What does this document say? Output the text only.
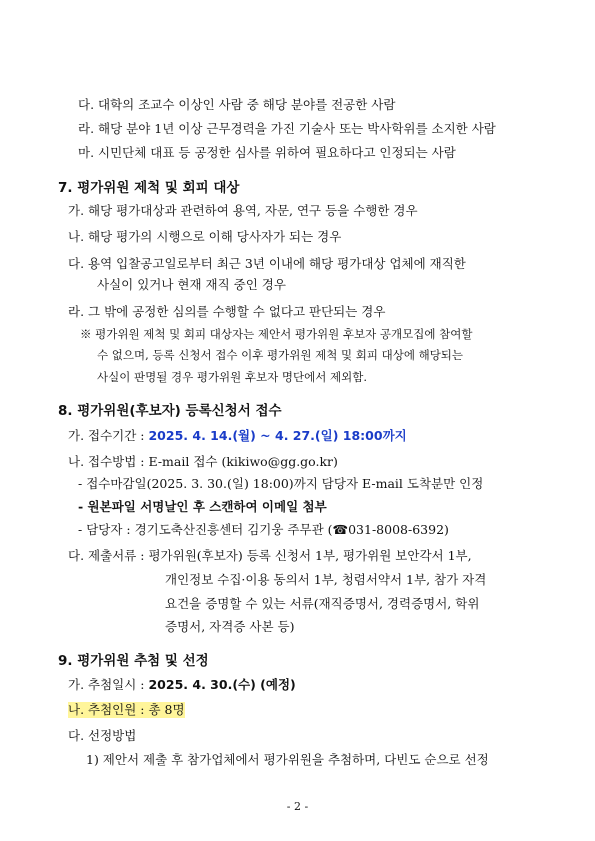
다. 대학의 조교수 이상인 사람 중 해당 분야를 전공한 사람
라. 해당 분야 1년 이상 근무경력을 가진 기술사 또는 박사학위를 소지한 사람
마. 시민단체 대표 등 공정한 심사를 위하여 필요하다고 인정되는 사람
7. 평가위원 제척 및 회피 대상
가. 해당 평가대상과 관련하여 용역, 자문, 연구 등을 수행한 경우
나. 해당 평가의 시행으로 이해 당사자가 되는 경우
다. 용역 입찰공고일로부터 최근 3년 이내에 해당 평가대상 업체에 재직한
사실이 있거나 현재 재직 중인 경우
라. 그 밖에 공정한 심의를 수행할 수 없다고 판단되는 경우
※ 평가위원 제척 및 회피 대상자는 제안서 평가위원 후보자 공개모집에 참여할
수 없으며, 등록 신청서 접수 이후 평가위원 제척 및 회피 대상에 해당되는
사실이 판명될 경우 평가위원 후보자 명단에서 제외함.
8. 평가위원(후보자) 등록신청서 접수
가. 접수기간 : 2025. 4. 14.(월) ~ 4. 27.(일) 18:00까지
나. 접수방법 : E-mail 접수 (kikiwo@gg.go.kr)
- 접수마감일(2025. 3. 30.(일) 18:00)까지 담당자 E-mail 도착분만 인정
- 원본파일 서명날인 후 스캔하여 이메일 첨부
- 담당자 : 경기도축산진흥센터 김기웅 주무관 (☎031-8008-6392)
다. 제출서류 : 평가위원(후보자) 등록 신청서 1부, 평가위원 보안각서 1부,
개인정보 수집·이용 동의서 1부, 청렴서약서 1부, 참가 자격
요건을 증명할 수 있는 서류(재직증명서, 경력증명서, 학위
증명서, 자격증 사본 등)
9. 평가위원 추첨 및 선정
가. 추첨일시 : 2025. 4. 30.(수) (예정)
나. 추첨인원 : 총 8명
다. 선정방법
1) 제안서 제출 후 참가업체에서 평가위원을 추첨하며, 다빈도 순으로 선정
- 2 -
